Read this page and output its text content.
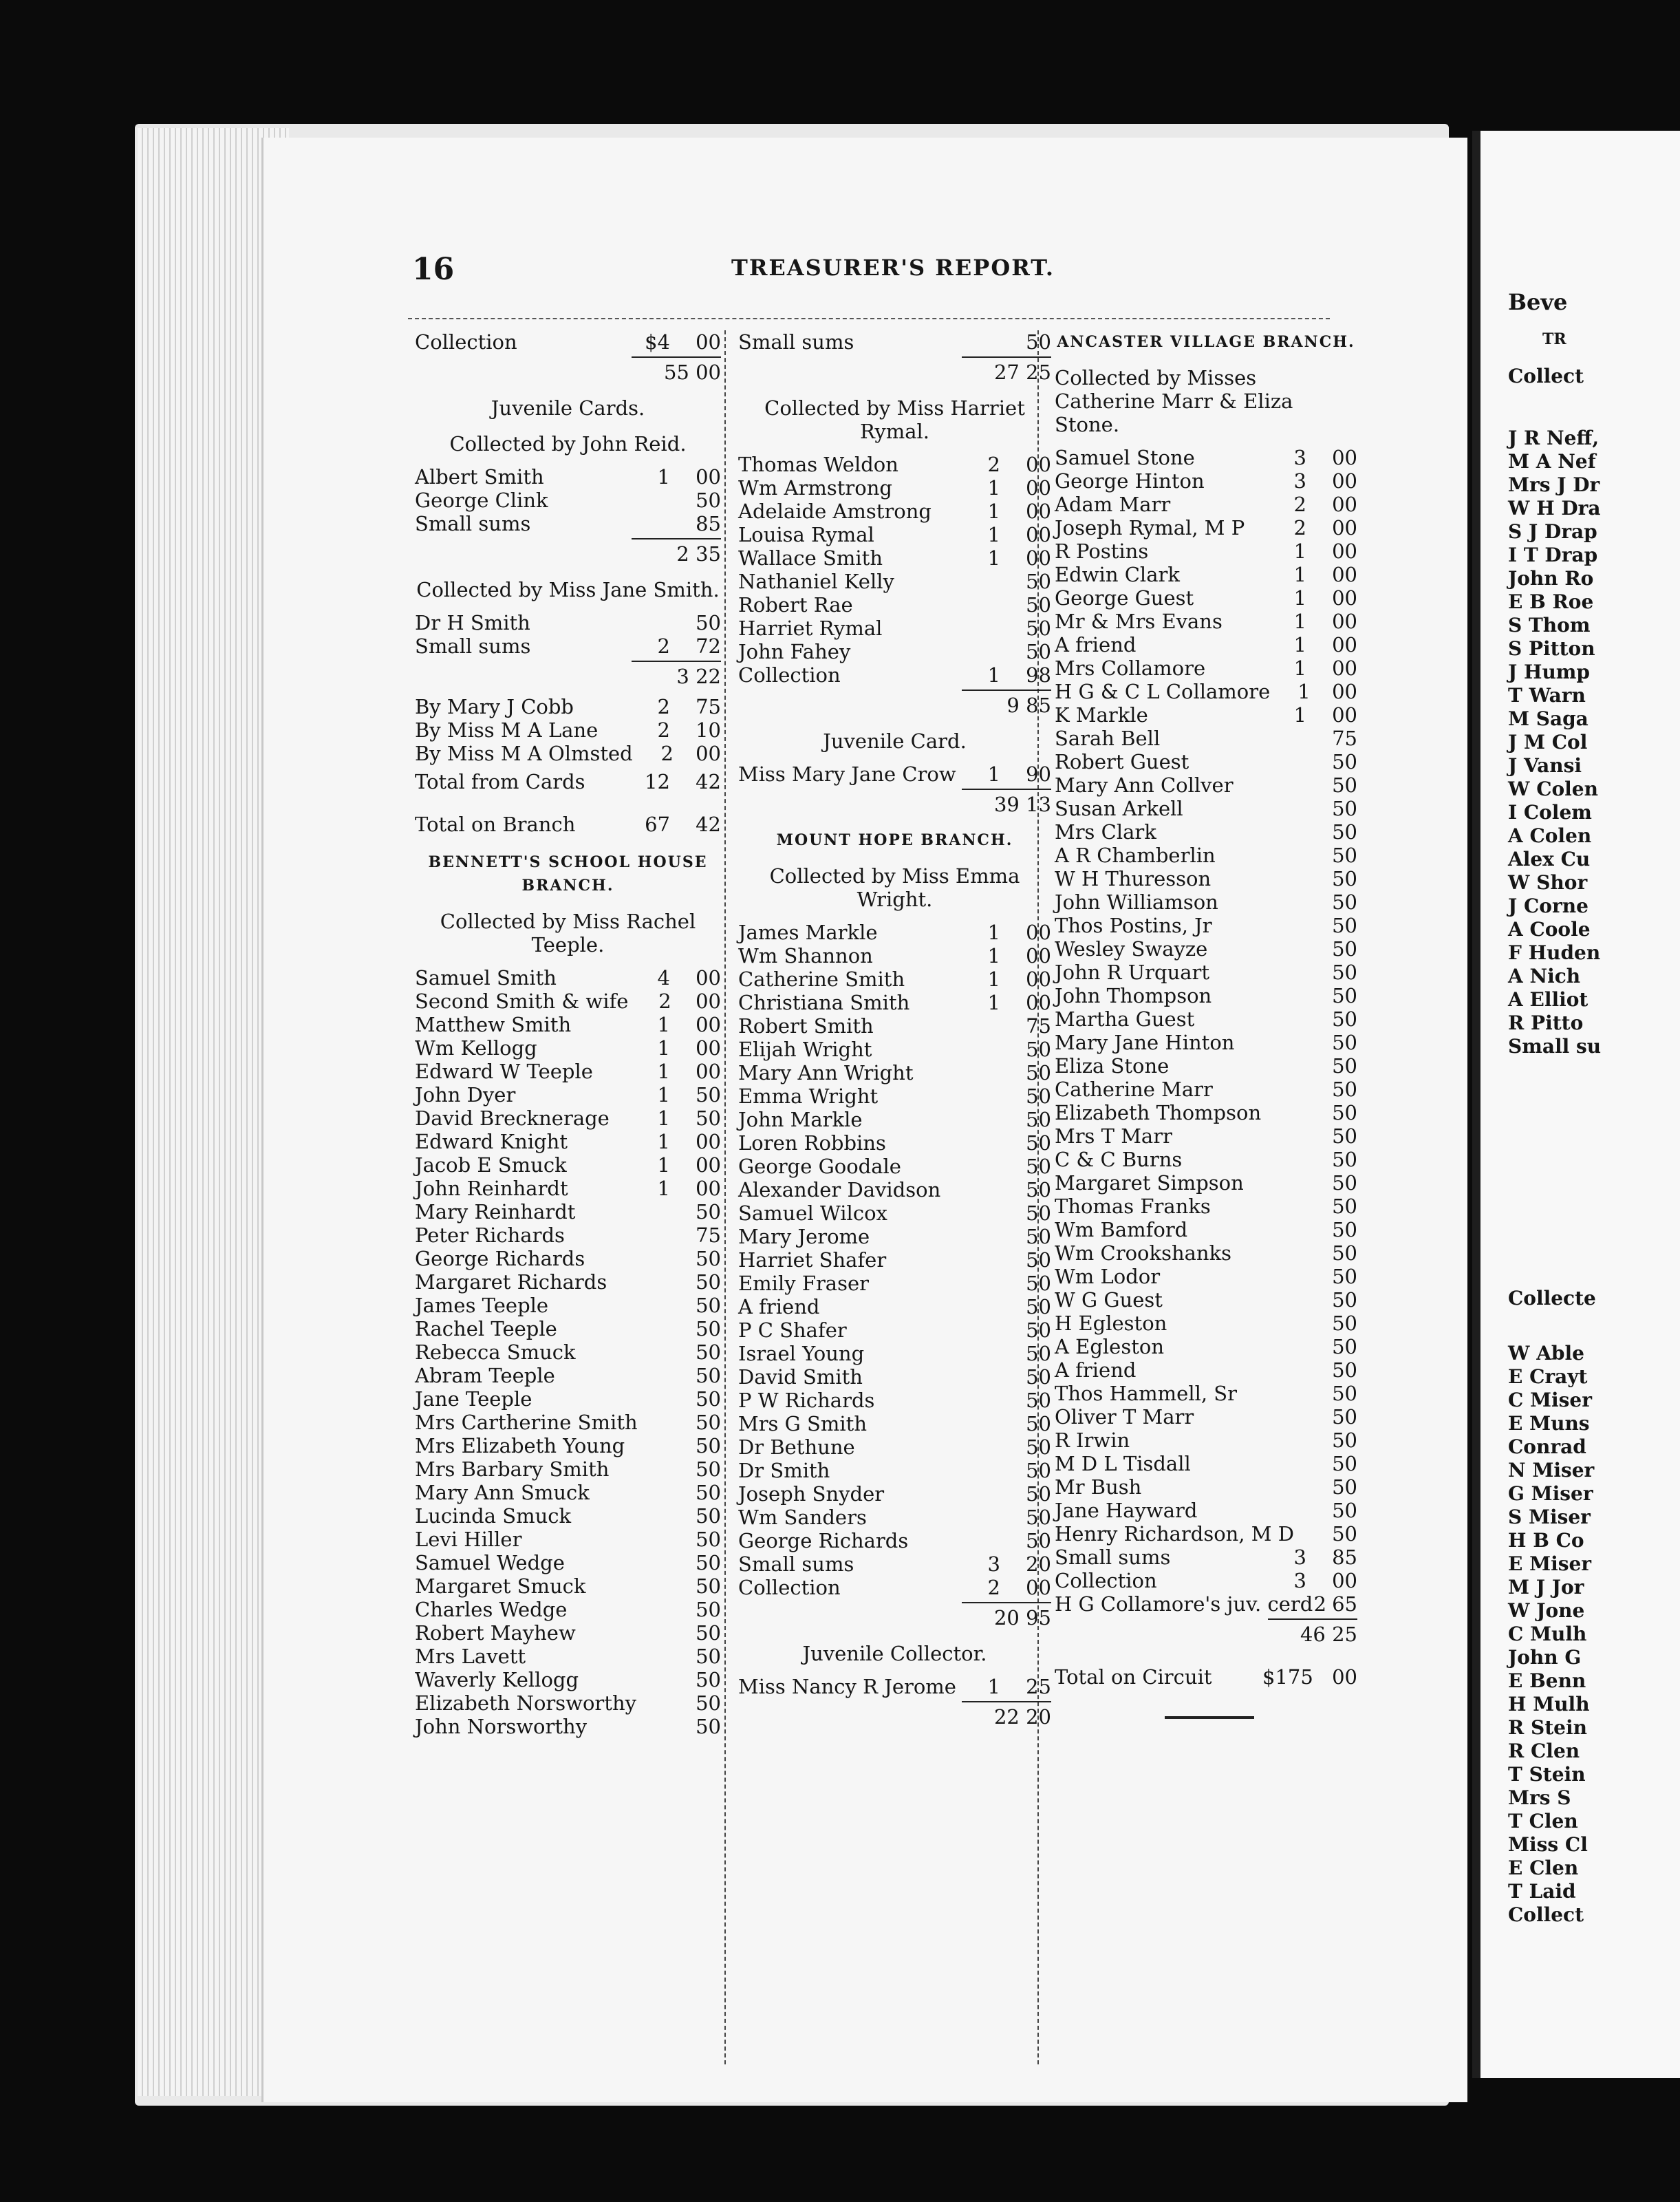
16	TREASURER'S REPORT.
Collection	$4	00
55 00
Juvenile Cards.
Collected by John Reid.
Albert Smith	1	00
George Clink	50
Small sums	85
2 35
Collected by Miss Jane Smith.
Dr H Smith	50
Small sums	2	72
3 22
By Mary J Cobb	2	75
By Miss M A Lane	2	10
By Miss M A Olmsted	2	00
Total from Cards	12	42
Total on Branch	67	42
BENNETT'S SCHOOL HOUSE BRANCH.
Collected by Miss Rachel Teeple.
Samuel Smith	4	00
Second Smith & wife	2	00
Matthew Smith	1	00
Wm Kellogg	1	00
Edward W Teeple	1	00
John Dyer	1	50
David Brecknerage	1	50
Edward Knight	1	00
Jacob E Smuck	1	00
John Reinhardt	1	00
Mary Reinhardt	50
Peter Richards	75
George Richards	50
Margaret Richards	50
James Teeple	50
Rachel Teeple	50
Rebecca Smuck	50
Abram Teeple	50
Jane Teeple	50
Mrs Cartherine Smith	50
Mrs Elizabeth Young	50
Mrs Barbary Smith	50
Mary Ann Smuck	50
Lucinda Smuck	50
Levi Hiller	50
Samuel Wedge	50
Margaret Smuck	50
Charles Wedge	50
Robert Mayhew	50
Mrs Lavett	50
Waverly Kellogg	50
Elizabeth Norsworthy	50
John Norsworthy	50
Small sums	50
27 25
Collected by Miss Harriet Rymal.
Thomas Weldon	2	00
Wm Armstrong	1	00
Adelaide Amstrong	1	00
Louisa Rymal	1	00
Wallace Smith	1	00
Nathaniel Kelly	50
Robert Rae	50
Harriet Rymal	50
John Fahey	50
Collection	1	98
9 85
Juvenile Card.
Miss Mary Jane Crow	1	90
39 13
MOUNT HOPE BRANCH.
Collected by Miss Emma Wright.
James Markle	1	00
Wm Shannon	1	00
Catherine Smith	1	00
Christiana Smith	1	00
Robert Smith	75
Elijah Wright	50
Mary Ann Wright	50
Emma Wright	50
John Markle	50
Loren Robbins	50
George Goodale	50
Alexander Davidson	50
Samuel Wilcox	50
Mary Jerome	50
Harriet Shafer	50
Emily Fraser	50
A friend	50
P C Shafer	50
Israel Young	50
David Smith	50
P W Richards	50
Mrs G Smith	50
Dr Bethune	50
Dr Smith	50
Joseph Snyder	50
Wm Sanders	50
George Richards	50
Small sums	3	20
Collection	2	00
20 95
Juvenile Collector.
Miss Nancy R Jerome	1	25
22 20
ANCASTER VILLAGE BRANCH.
Collected by Misses Catherine Marr & Eliza Stone.
Samuel Stone	3	00
George Hinton	3	00
Adam Marr	2	00
Joseph Rymal, M P	2	00
R Postins	1	00
Edwin Clark	1	00
George Guest	1	00
Mr & Mrs Evans	1	00
A friend	1	00
Mrs Collamore	1	00
H G & C L Collamore	1	00
K Markle	1	00
Sarah Bell	75
Robert Guest	50
Mary Ann Collver	50
Susan Arkell	50
Mrs Clark	50
A R Chamberlin	50
W H Thuresson	50
John Williamson	50
Thos Postins, Jr	50
Wesley Swayze	50
John R Urquart	50
John Thompson	50
Martha Guest	50
Mary Jane Hinton	50
Eliza Stone	50
Catherine Marr	50
Elizabeth Thompson	50
Mrs T Marr	50
C & C Burns	50
Margaret Simpson	50
Thomas Franks	50
Wm Bamford	50
Wm Crookshanks	50
Wm Lodor	50
W G Guest	50
H Egleston	50
A Egleston	50
A friend	50
Thos Hammell, Sr	50
Oliver T Marr	50
R Irwin	50
M D L Tisdall	50
Mr Bush	50
Jane Hayward	50
Henry Richardson, M D	50
Small sums	3	85
Collection	3	00
H G Collamore's juv. cerd 2 65
46 25
Total on Circuit	$175 00
Beve
TR
Collect
J R Neff,
M A Nef
Mrs J Dr
W H Dra
S J Drap
I T Drap
John Ro
E B Roe
S Thom
S Pitton
J Hump
T Warn
M Saga
J M Col
J Vansi
W Colen
I Colem
A Colen
Alex Cu
W Shor
J Corne
A Coole
F Huden
A Nich
A Elliot
R Pitto
Small su
Collecte
W Able
E Crayt
C Miser
E Muns
Conrad
N Miser
G Miser
S Miser
H B Co
E Miser
M J Jor
W Jone
C Mulh
John G
E Benn
H Mulh
R Stein
R Clen
T Stein
Mrs S
T Clen
Miss Cl
E Clen
T Laid
Collect
